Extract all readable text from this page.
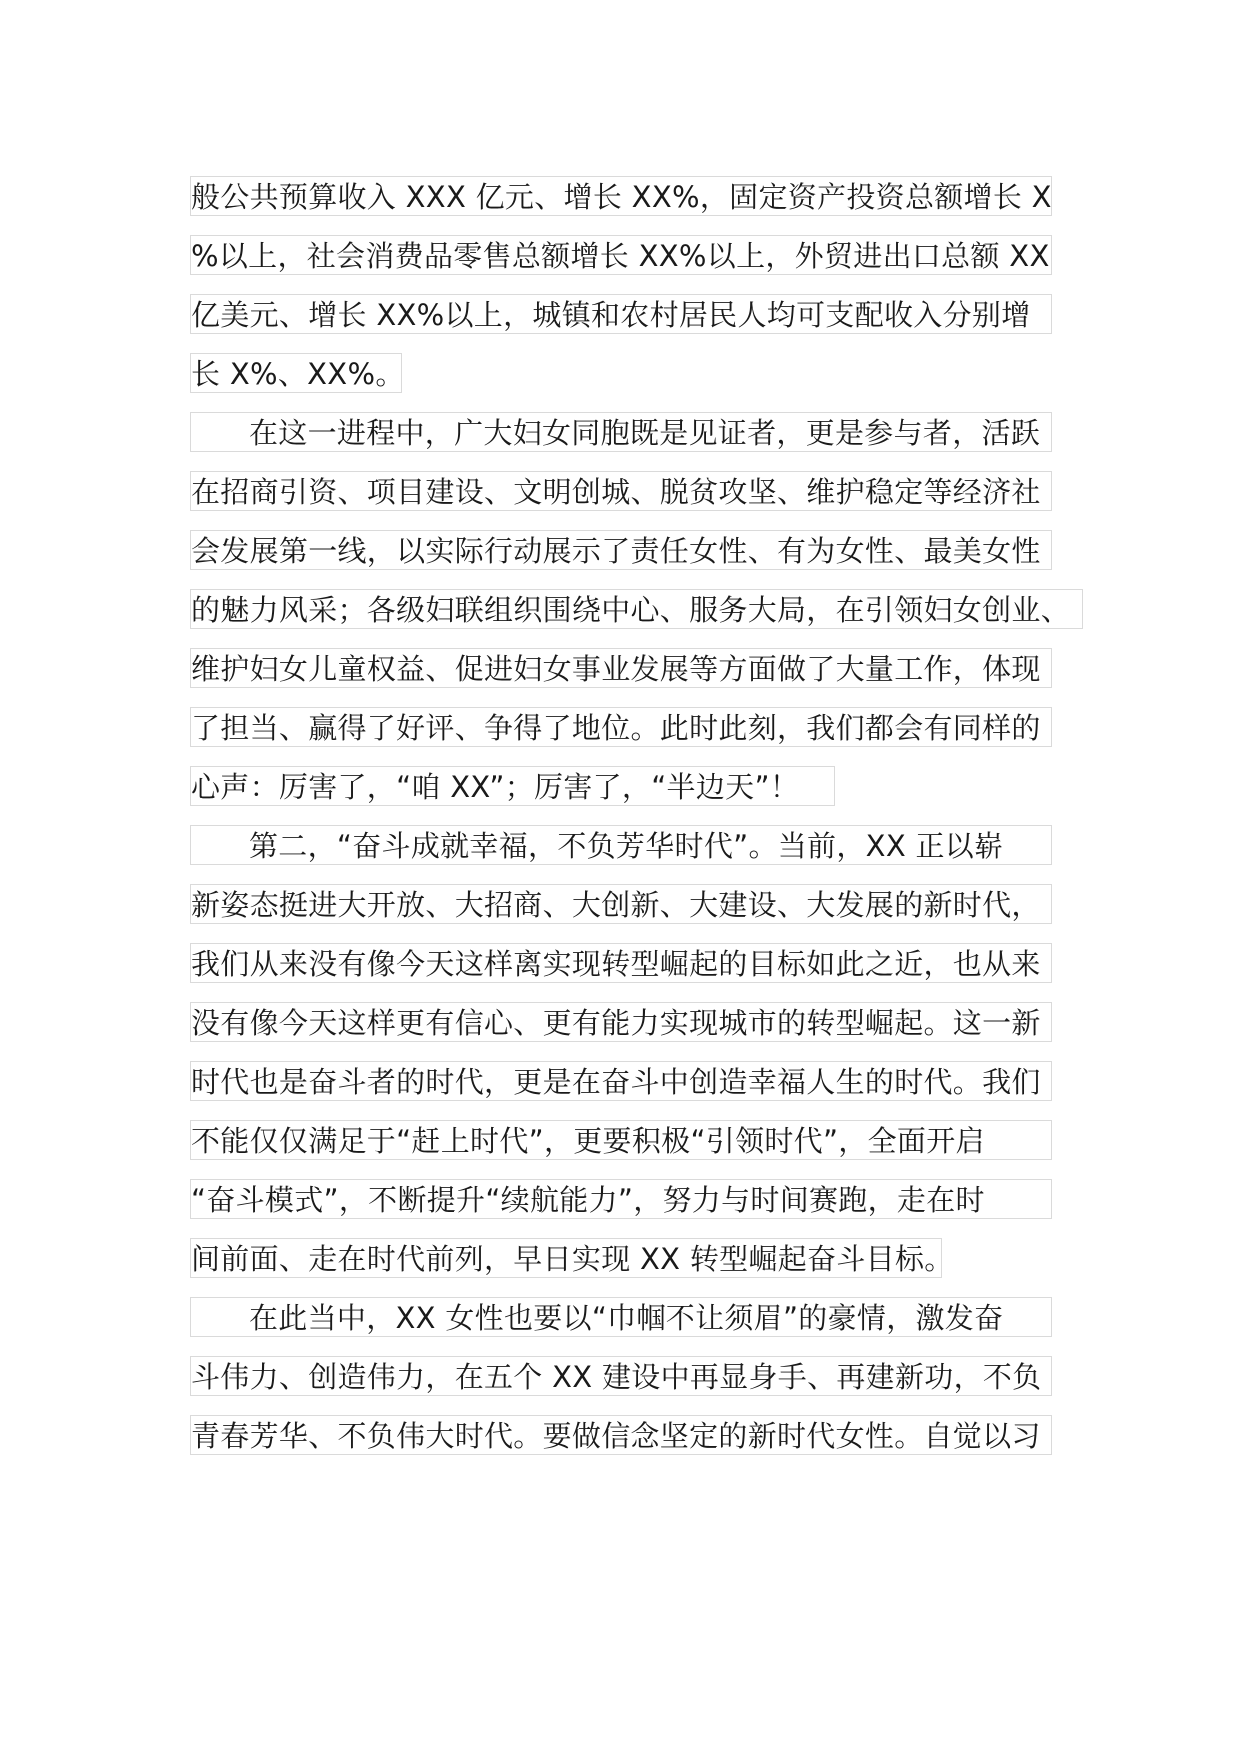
般公共预算收入 XXX 亿元、增长 XX%，固定资产投资总额增长 X
%以上，社会消费品零售总额增长 XX%以上，外贸进出口总额 XX
亿美元、增长 XX%以上，城镇和农村居民人均可支配收入分别增
长 X%、XX%。
在这一进程中，广大妇女同胞既是见证者，更是参与者，活跃
在招商引资、项目建设、文明创城、脱贫攻坚、维护稳定等经济社
会发展第一线，以实际行动展示了责任女性、有为女性、最美女性
的魅力风采；各级妇联组织围绕中心、服务大局，在引领妇女创业、
维护妇女儿童权益、促进妇女事业发展等方面做了大量工作，体现
了担当、赢得了好评、争得了地位。此时此刻，我们都会有同样的
心声：厉害了，“咱 XX”；厉害了，“半边天”！
第二，“奋斗成就幸福，不负芳华时代”。当前，XX 正以崭
新姿态挺进大开放、大招商、大创新、大建设、大发展的新时代，
我们从来没有像今天这样离实现转型崛起的目标如此之近，也从来
没有像今天这样更有信心、更有能力实现城市的转型崛起。这一新
时代也是奋斗者的时代，更是在奋斗中创造幸福人生的时代。我们
不能仅仅满足于“赶上时代”，更要积极“引领时代”，全面开启
“奋斗模式”，不断提升“续航能力”，努力与时间赛跑，走在时
间前面、走在时代前列，早日实现 XX 转型崛起奋斗目标。
在此当中，XX 女性也要以“巾帼不让须眉”的豪情，激发奋
斗伟力、创造伟力，在五个 XX 建设中再显身手、再建新功，不负
青春芳华、不负伟大时代。要做信念坚定的新时代女性。自觉以习
